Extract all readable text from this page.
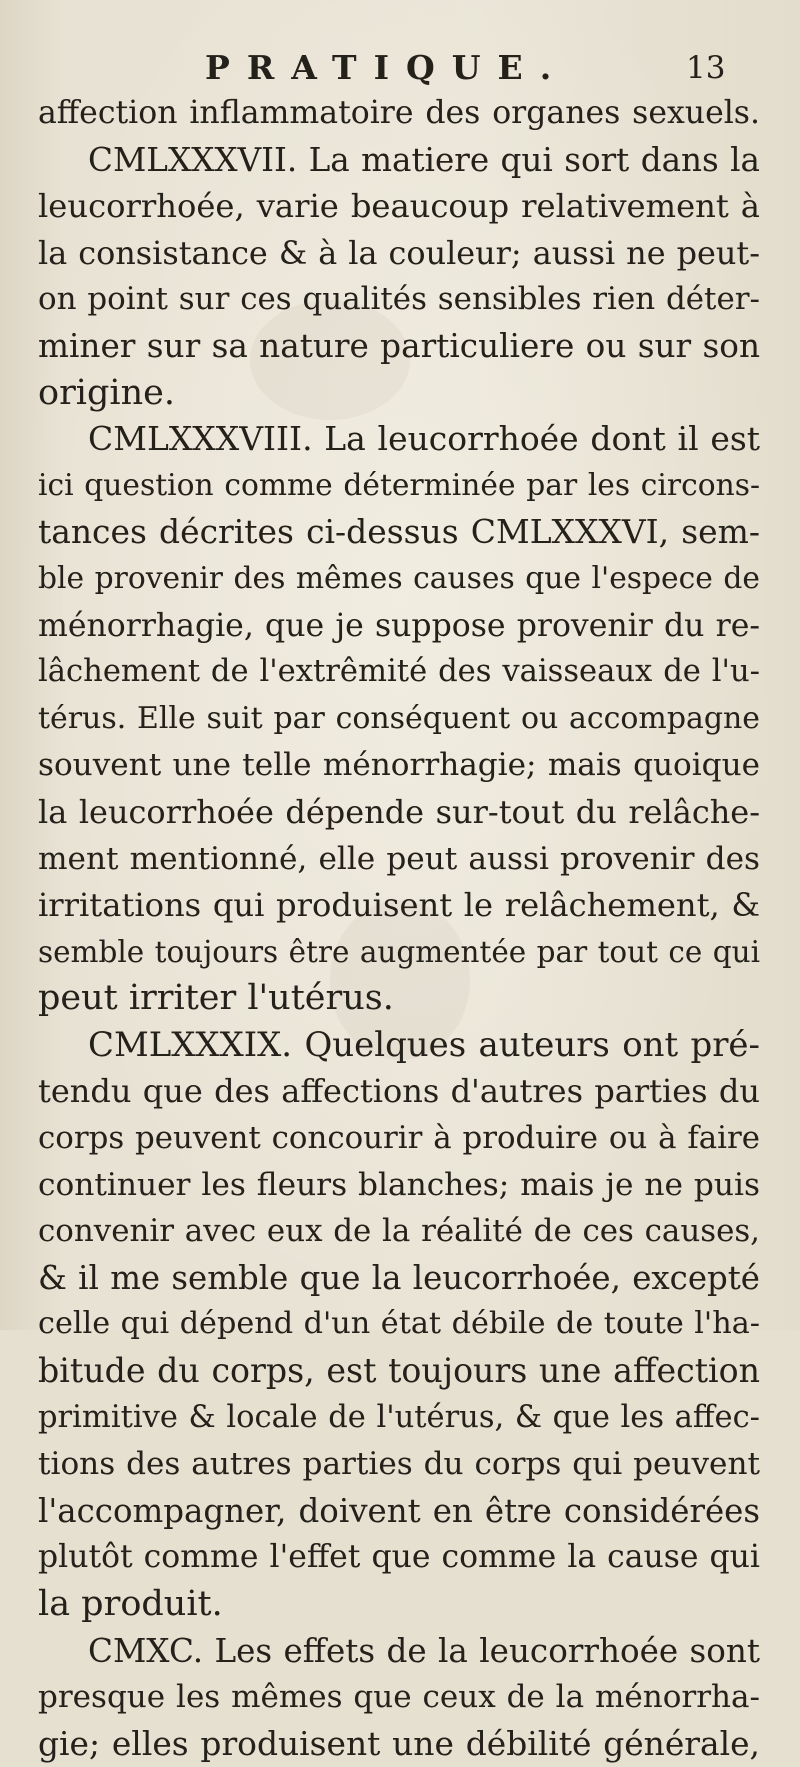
PRATIQUE.	13
affection inflammatoire des organes sexuels.
CMLXXXVII. La matiere qui sort dans la
leucorrhoée, varie beaucoup relativement à
la consistance & à la couleur; aussi ne peut-
on point sur ces qualités sensibles rien déter-
miner sur sa nature particuliere ou sur son
origine.
CMLXXXVIII. La leucorrhoée dont il est
ici question comme déterminée par les circons-
tances décrites ci-dessus CMLXXXVI, sem-
ble provenir des mêmes causes que l'espece de
ménorrhagie, que je suppose provenir du re-
lâchement de l'extrêmité des vaisseaux de l'u-
térus. Elle suit par conséquent ou accompagne
souvent une telle ménorrhagie; mais quoique
la leucorrhoée dépende sur-tout du relâche-
ment mentionné, elle peut aussi provenir des
irritations qui produisent le relâchement, &
semble toujours être augmentée par tout ce qui
peut irriter l'utérus.
CMLXXXIX. Quelques auteurs ont pré-
tendu que des affections d'autres parties du
corps peuvent concourir à produire ou à faire
continuer les fleurs blanches; mais je ne puis
convenir avec eux de la réalité de ces causes,
& il me semble que la leucorrhoée, excepté
celle qui dépend d'un état débile de toute l'ha-
bitude du corps, est toujours une affection
primitive & locale de l'utérus, & que les affec-
tions des autres parties du corps qui peuvent
l'accompagner, doivent en être considérées
plutôt comme l'effet que comme la cause qui
la produit.
CMXC. Les effets de la leucorrhoée sont
presque les mêmes que ceux de la ménorrha-
gie; elles produisent une débilité générale,
